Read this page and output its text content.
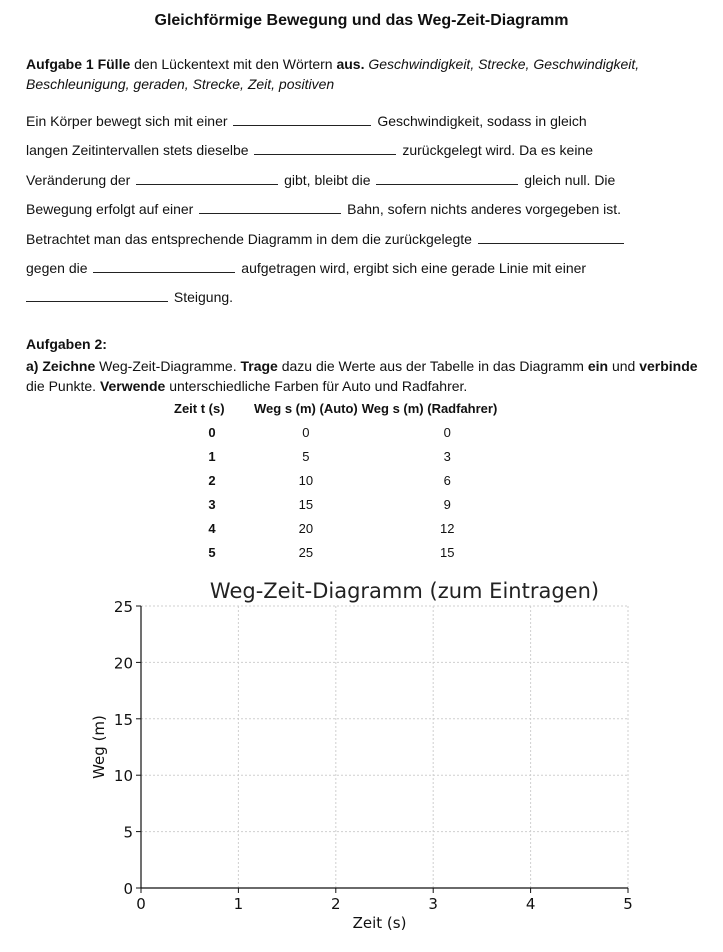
Gleichförmige Bewegung und das Weg-Zeit-Diagramm
Aufgabe 1 Fülle den Lückentext mit den Wörtern aus. Geschwindigkeit, Strecke, Geschwindigkeit, Beschleunigung, geraden, Strecke, Zeit, positiven
Ein Körper bewegt sich mit einer	Geschwindigkeit, sodass in gleich
langen Zeitintervallen stets dieselbe	zurückgelegt wird. Da es keine
Veränderung der	gibt, bleibt die	gleich null. Die
Bewegung erfolgt auf einer	Bahn, sofern nichts anderes vorgegeben ist.
Betrachtet man das entsprechende Diagramm in dem die zurückgelegte
gegen die	aufgetragen wird, ergibt sich eine gerade Linie mit einer
Steigung.
Aufgaben 2:
a) Zeichne Weg-Zeit-Diagramme. Trage dazu die Werte aus der Tabelle in das Diagramm ein und verbinde die Punkte. Verwende unterschiedliche Farben für Auto und Radfahrer.
Zeit t (s)	Weg s (m) (Auto)	Weg s (m) (Radfahrer)
0	0	0
1	5	3
2	10	6
3	15	9
4	20	12
5	25	15
Weg-Zeit-Diagramm (zum Eintragen)
0	1	2	3	4	5
0
5
10
15
20
25
Zeit (s)
Weg (m)
